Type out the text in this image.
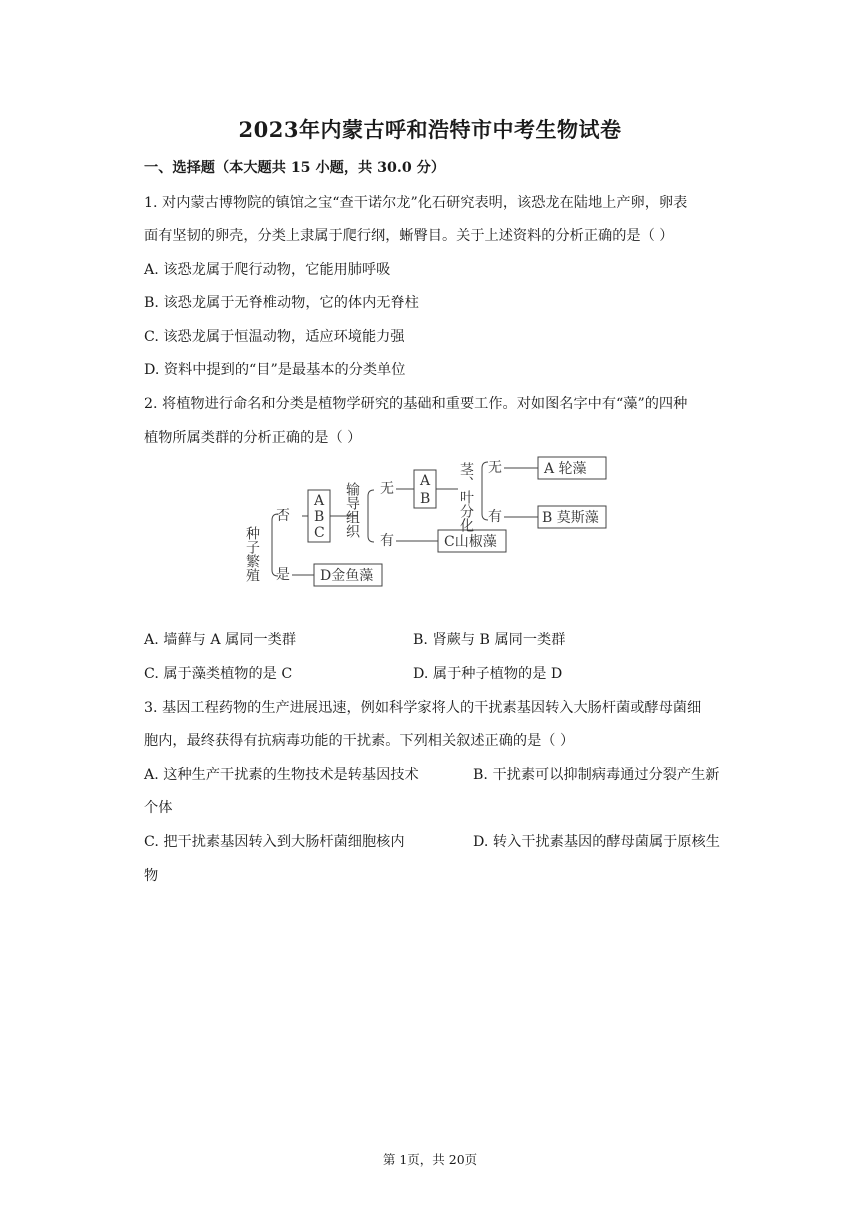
2023年内蒙古呼和浩特市中考生物试卷
一、选择题（本大题共 15 小题，共 30.0 分）
1. 对内蒙古博物院的镇馆之宝“查干诺尔龙”化石研究表明，该恐龙在陆地上产卵，卵表
面有坚韧的卵壳，分类上隶属于爬行纲，蜥臀目。关于上述资料的分析正确的是（ ）
A. 该恐龙属于爬行动物，它能用肺呼吸
B. 该恐龙属于无脊椎动物，它的体内无脊柱
C. 该恐龙属于恒温动物，适应环境能力强
D. 资料中提到的“目”是最基本的分类单位
2. 将植物进行命名和分类是植物学研究的基础和重要工作。对如图名字中有“藻”的四种
植物所属类群的分析正确的是（ ）
种子繁殖
否
是
A
B
C 输导组织 无
有
A
B 茎、叶分化 无
有
A 轮藻
B 莫斯藻
C山椒藻
D金鱼藻
A. 墙藓与 A 属同一类群	B. 肾蕨与 B 属同一类群
C. 属于藻类植物的是 C	D. 属于种子植物的是 D
3. 基因工程药物的生产进展迅速，例如科学家将人的干扰素基因转入大肠杆菌或酵母菌细
胞内，最终获得有抗病毒功能的干扰素。下列相关叙述正确的是（ ）
A. 这种生产干扰素的生物技术是转基因技术	B. 干扰素可以抑制病毒通过分裂产生新
个体
C. 把干扰素基因转入到大肠杆菌细胞核内	D. 转入干扰素基因的酵母菌属于原核生
物
第 1页，共 20页
